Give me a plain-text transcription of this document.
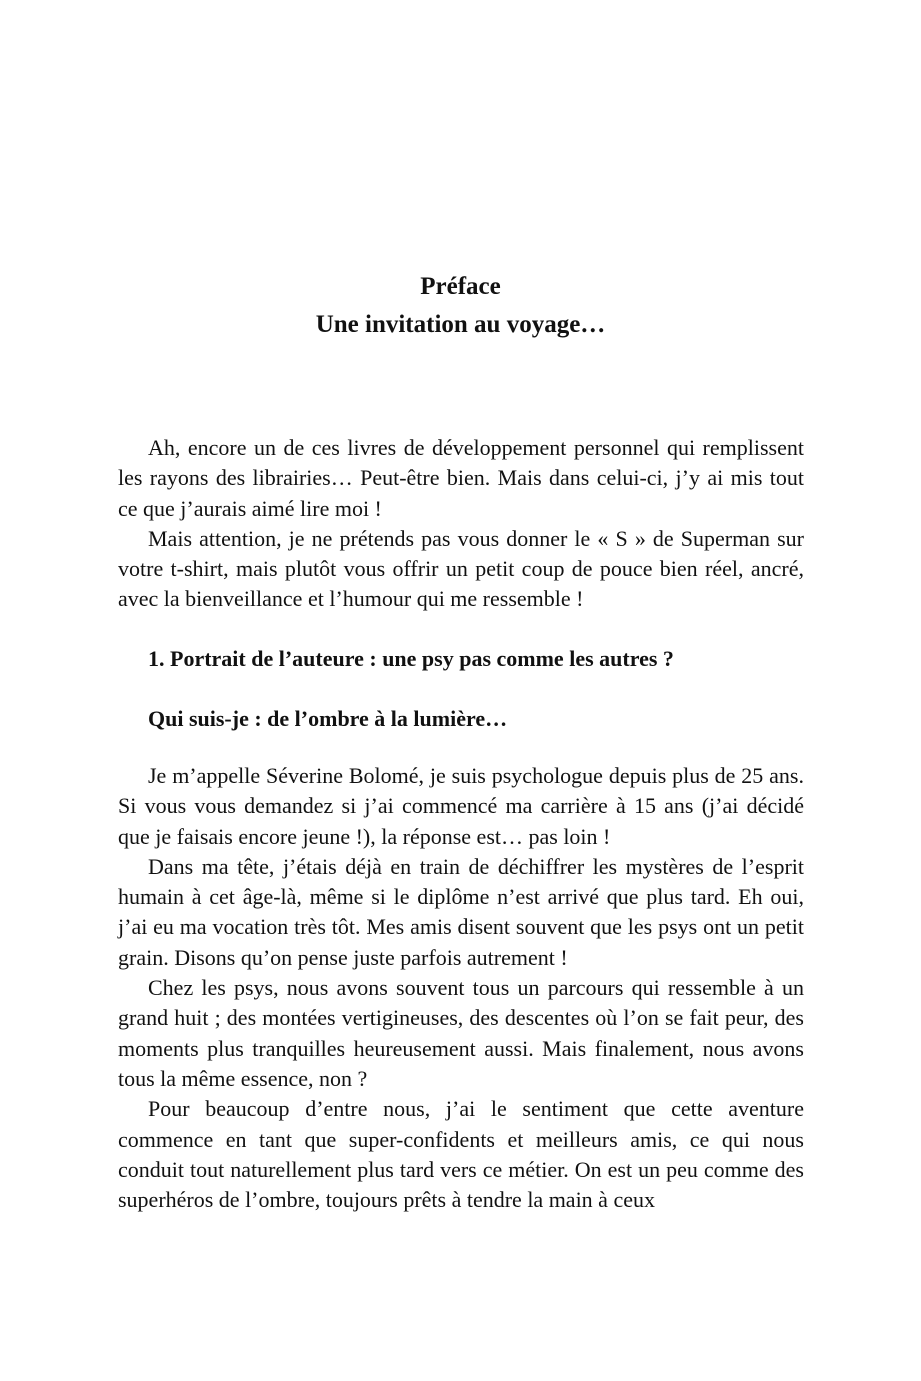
Préface

Une invitation au voyage…

Ah, encore un de ces livres de développement personnel qui remplissent les rayons des librairies… Peut-être bien. Mais dans celui-ci, j’y ai mis tout ce que j’aurais aimé lire moi !

Mais attention, je ne prétends pas vous donner le « S » de Superman sur votre t-shirt, mais plutôt vous offrir un petit coup de pouce bien réel, ancré, avec la bienveillance et l’humour qui me ressemble !

1. Portrait de l’auteure : une psy pas comme les autres ?

Qui suis-je : de l’ombre à la lumière…

Je m’appelle Séverine Bolomé, je suis psychologue depuis plus de 25 ans. Si vous vous demandez si j’ai commencé ma carrière à 15 ans (j’ai décidé que je faisais encore jeune !), la réponse est… pas loin !

Dans ma tête, j’étais déjà en train de déchiffrer les mystères de l’esprit humain à cet âge-là, même si le diplôme n’est arrivé que plus tard. Eh oui, j’ai eu ma vocation très tôt. Mes amis disent souvent que les psys ont un petit grain. Disons qu’on pense juste parfois autrement !

Chez les psys, nous avons souvent tous un parcours qui ressemble à un grand huit ; des montées vertigineuses, des descentes où l’on se fait peur, des moments plus tranquilles heureusement aussi. Mais finalement, nous avons tous la même essence, non ?

Pour beaucoup d’entre nous, j’ai le sentiment que cette aventure commence en tant que super-confidents et meilleurs amis, ce qui nous conduit tout naturellement plus tard vers ce métier. On est un peu comme des superhéros de l’ombre, toujours prêts à tendre la main à ceux
